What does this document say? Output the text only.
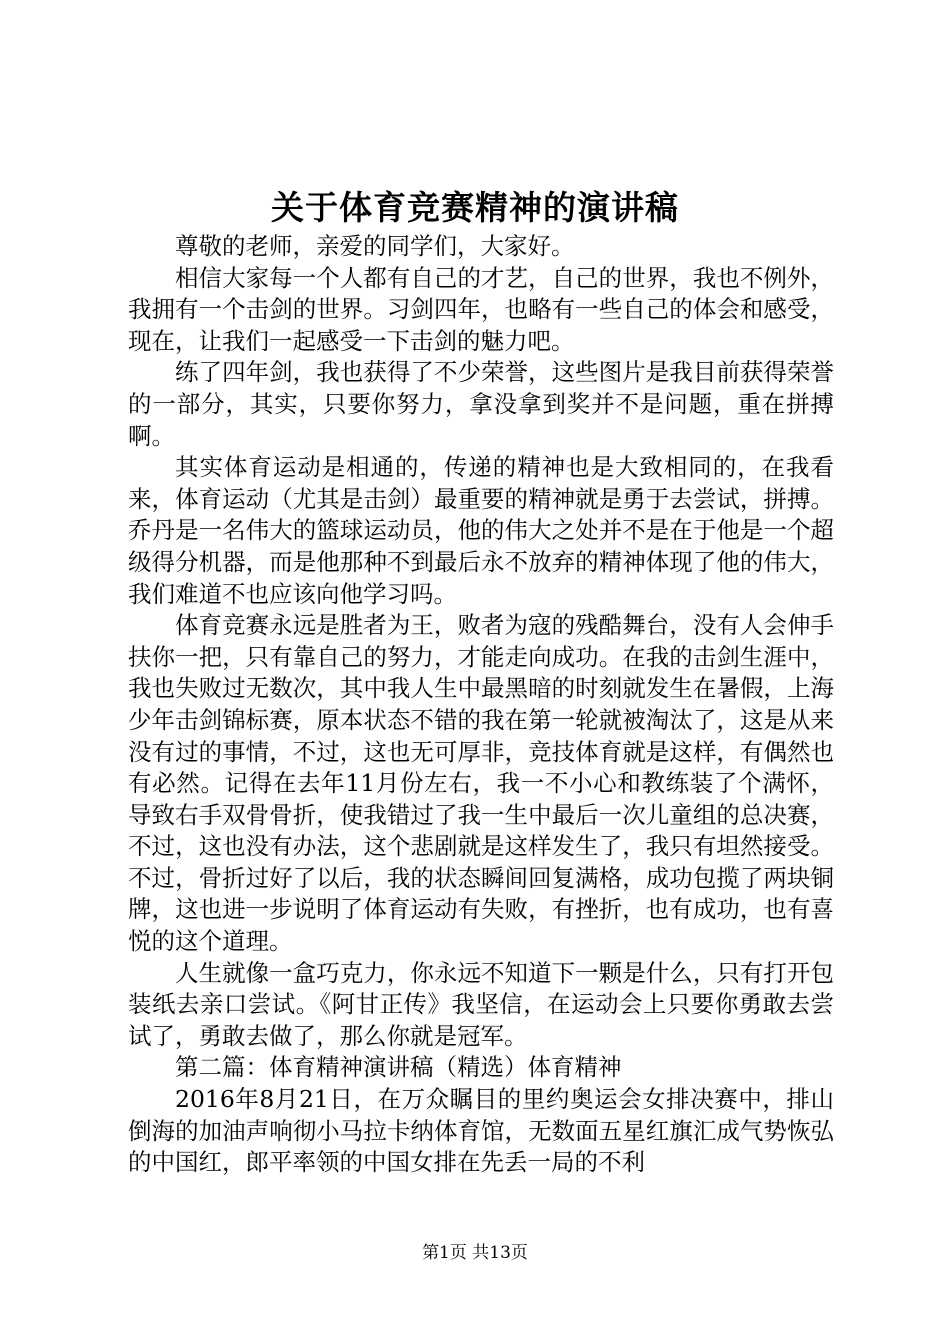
关于体育竞赛精神的演讲稿

尊敬的老师，亲爱的同学们，大家好。

相信大家每一个人都有自己的才艺，自己的世界，我也不例外，我拥有一个击剑的世界。习剑四年，也略有一些自己的体会和感受，现在，让我们一起感受一下击剑的魅力吧。

练了四年剑，我也获得了不少荣誉，这些图片是我目前获得荣誉的一部分，其实，只要你努力，拿没拿到奖并不是问题，重在拼搏啊。

其实体育运动是相通的，传递的精神也是大致相同的，在我看来，体育运动（尤其是击剑）最重要的精神就是勇于去尝试，拼搏。乔丹是一名伟大的篮球运动员，他的伟大之处并不是在于他是一个超级得分机器，而是他那种不到最后永不放弃的精神体现了他的伟大，我们难道不也应该向他学习吗。

体育竞赛永远是胜者为王，败者为寇的残酷舞台，没有人会伸手扶你一把，只有靠自己的努力，才能走向成功。在我的击剑生涯中，我也失败过无数次，其中我人生中最黑暗的时刻就发生在暑假，上海少年击剑锦标赛，原本状态不错的我在第一轮就被淘汰了，这是从来没有过的事情，不过，这也无可厚非，竞技体育就是这样，有偶然也有必然。记得在去年11月份左右，我一不小心和教练装了个满怀，导致右手双骨骨折，使我错过了我一生中最后一次儿童组的总决赛，不过，这也没有办法，这个悲剧就是这样发生了，我只有坦然接受。不过，骨折过好了以后，我的状态瞬间回复满格，成功包揽了两块铜牌，这也进一步说明了体育运动有失败，有挫折，也有成功，也有喜悦的这个道理。

人生就像一盒巧克力，你永远不知道下一颗是什么，只有打开包装纸去亲口尝试。《阿甘正传》我坚信，在运动会上只要你勇敢去尝试了，勇敢去做了，那么你就是冠军。

第二篇：体育精神演讲稿（精选）体育精神

2016年8月21日，在万众瞩目的里约奥运会女排决赛中，排山倒海的加油声响彻小马拉卡纳体育馆，无数面五星红旗汇成气势恢弘的中国红，郎平率领的中国女排在先丢一局的不利

第1页 共13页
